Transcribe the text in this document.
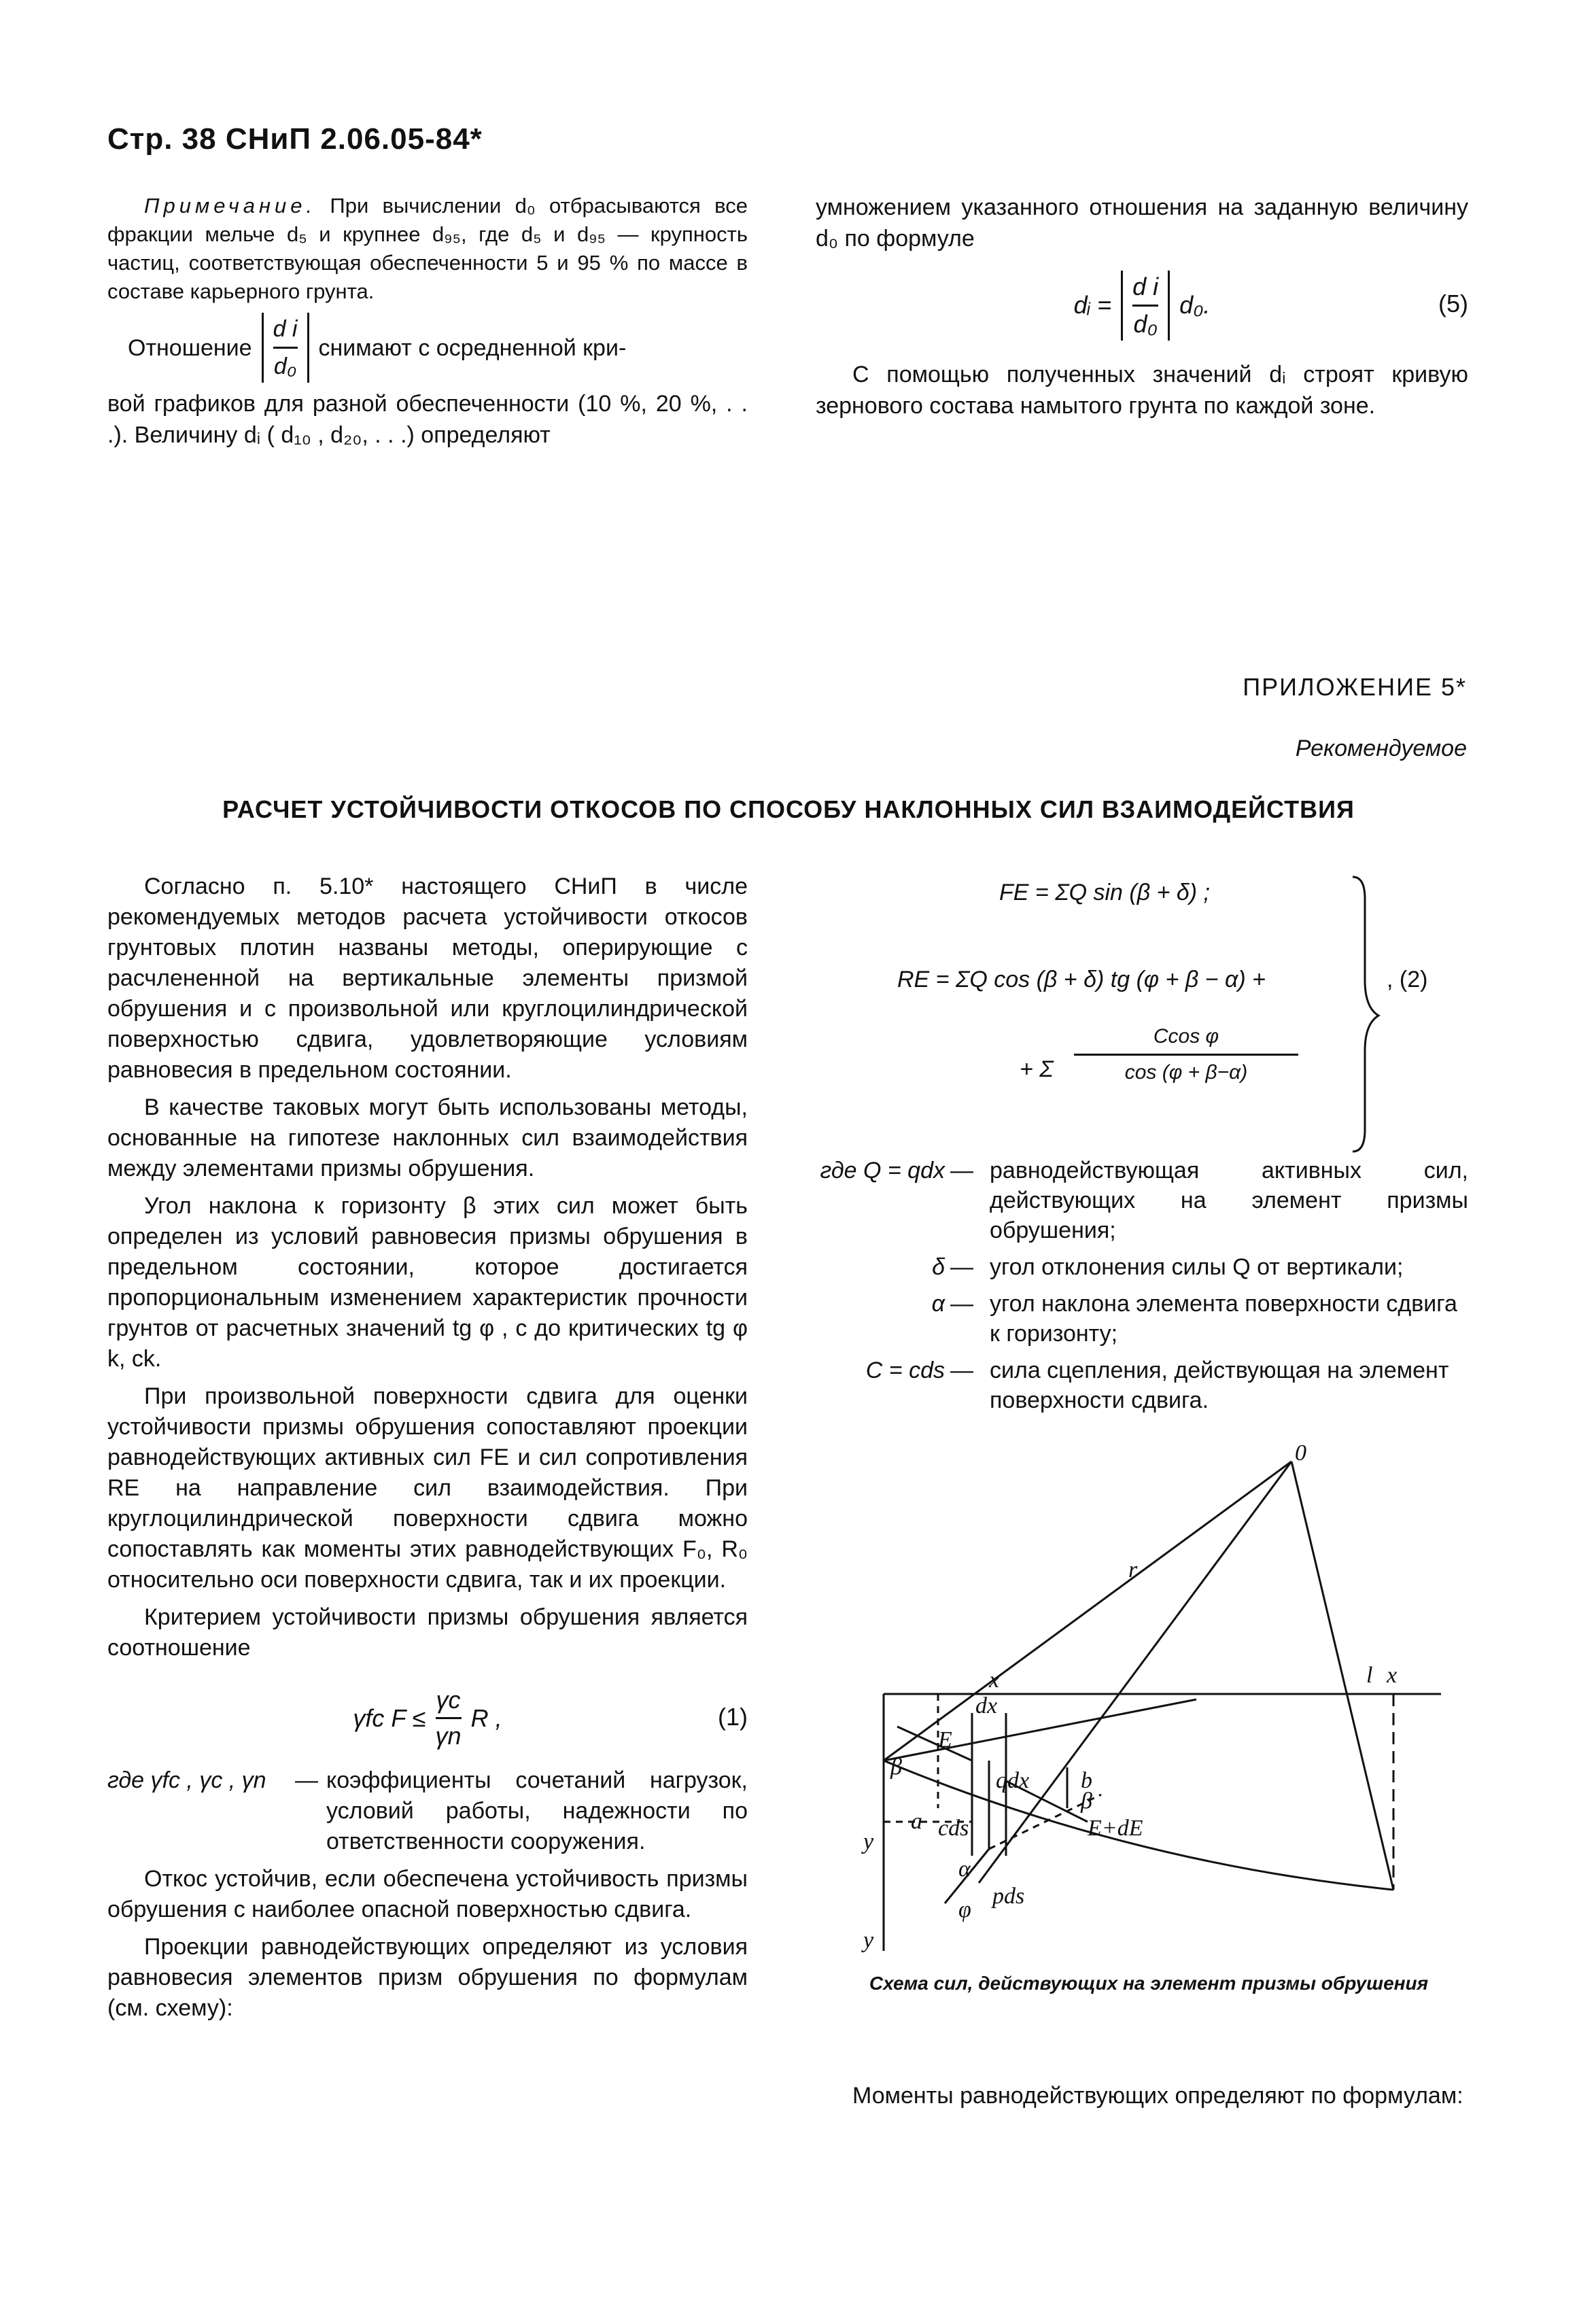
Стр. 38 СНиП 2.06.05-84*

Примечание. При вычислении d₀ отбрасываются все фракции мельче d₅ и крупнее d₉₅, где d₅ и d₉₅ — крупность частиц, соответствующая обеспеченности 5 и 95 % по массе в составе карьерного грунта.

Отношение
d i
d₀
снимают с осредненной кри-

вой графиков для разной обеспеченности (10 %, 20 %, . . .). Величину dᵢ ( d₁₀ , d₂₀, . . .) определяют

умножением указанного отношения на заданную величину d₀ по формуле

dᵢ =
d i
d₀
d₀.	(5)

С помощью полученных значений dᵢ строят кривую зернового состава намытого грунта по каждой зоне.

ПРИЛОЖЕНИЕ 5*
Рекомендуемое
РАСЧЕТ УСТОЙЧИВОСТИ ОТКОСОВ ПО СПОСОБУ НАКЛОННЫХ СИЛ ВЗАИМОДЕЙСТВИЯ

Согласно п. 5.10* настоящего СНиП в числе рекомендуемых методов расчета устойчивости откосов грунтовых плотин названы методы, оперирующие с расчлененной на вертикальные элементы призмой обрушения и с произвольной или круглоцилиндрической поверхностью сдвига, удовлетворяющие условиям равновесия в предельном состоянии.

В качестве таковых могут быть использованы методы, основанные на гипотезе наклонных сил взаимодействия между элементами призмы обрушения.

Угол наклона к горизонту β этих сил может быть определен из условий равновесия призмы обрушения в предельном состоянии, которое достигается пропорциональным изменением характеристик прочности грунтов от расчетных значений tg φ , c до критических tg φ k, ck.

При произвольной поверхности сдвига для оценки устойчивости призмы обрушения сопоставляют проекции равнодействующих активных сил FE и сил сопротивления RE на направление сил взаимодействия. При круглоцилиндрической поверхности сдвига можно сопоставлять как моменты этих равнодействующих F₀, R₀ относительно оси поверхности сдвига, так и их проекции.

Критерием устойчивости призмы обрушения является соотношение

γfc F ≤
γc
γn
R ,	(1)
где γfc , γc , γn	— коэффициенты сочетаний нагрузок, условий работы, надежности по ответственности сооружения.

Откос устойчив, если обеспечена устойчивость призмы обрушения с наиболее опасной поверхностью сдвига.

Проекции равнодействующих определяют из условия равновесия элементов призм обрушения по формулам (см. схему):

FE = ΣQ sin (β + δ) ;
RE = ΣQ cos (β + δ) tg (φ + β − α) +
+ Σ
Ccos φ
cos (φ + β−α)
, (2)
где Q = qdx — равнодействующая активных сил, действующих на элемент призмы обрушения;
δ — угол отклонения силы Q от вертикали;
α — угол наклона элемента поверхности сдвига к горизонту;
C = cds — сила сцепления, действующая на элемент поверхности сдвига.
0
r
l x
x
dx
E
β
β
qdx
a
b
cds
α
E+dE
pds
φ
y
y
Схема сил, действующих на элемент призмы обрушения

Моменты равнодействующих определяют по формулам:
